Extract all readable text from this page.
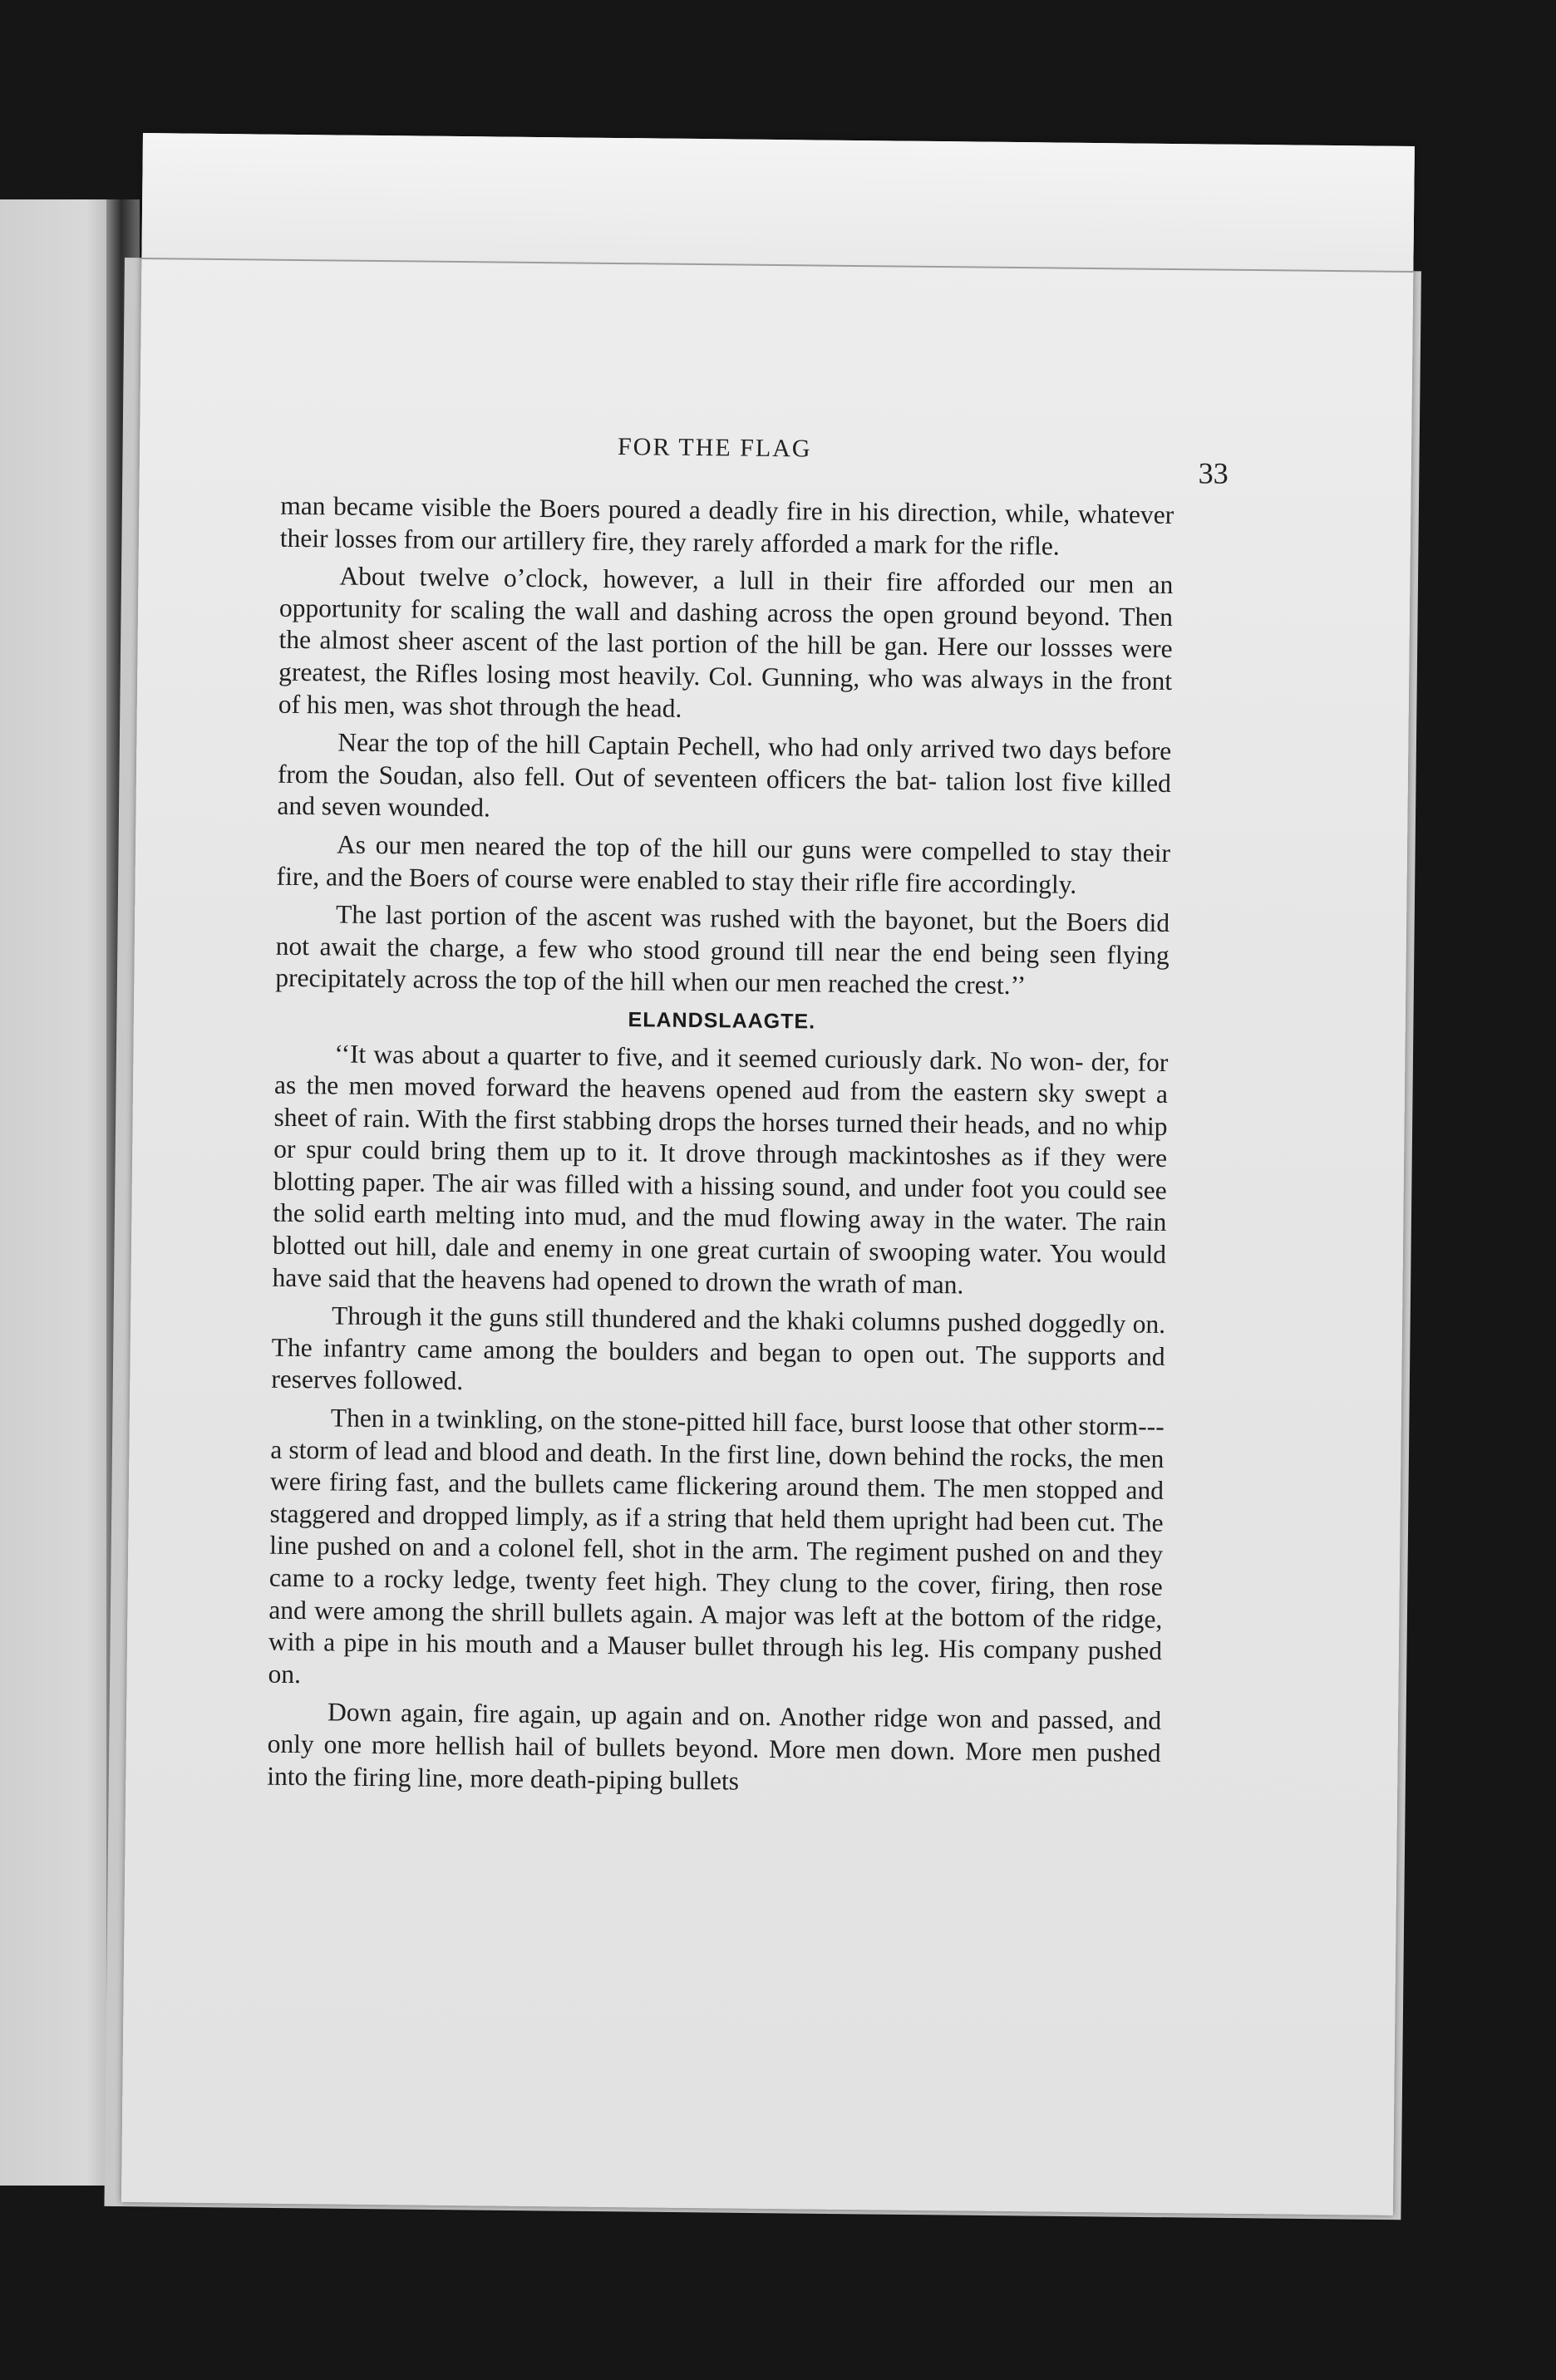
FOR THE FLAG
33

man became visible the Boers poured a deadly fire in his direction, while, whatever their losses from our artillery fire, they rarely afforded a mark for the rifle.

About twelve o’clock, however, a lull in their fire afforded our men an opportunity for scaling the wall and dashing across the open ground beyond. Then the almost sheer ascent of the last portion of the hill be gan. Here our lossses were greatest, the Rifles losing most heavily. Col. Gunning, who was always in the front of his men, was shot through the head.

Near the top of the hill Captain Pechell, who had only arrived two days before from the Soudan, also fell. Out of seventeen officers the bat- talion lost five killed and seven wounded.

As our men neared the top of the hill our guns were compelled to stay their fire, and the Boers of course were enabled to stay their rifle fire accordingly.

The last portion of the ascent was rushed with the bayonet, but the Boers did not await the charge, a few who stood ground till near the end being seen flying precipitately across the top of the hill when our men reached the crest.’’

ELANDSLAAGTE.

‘‘It was about a quarter to five, and it seemed curiously dark. No won- der, for as the men moved forward the heavens opened aud from the eastern sky swept a sheet of rain. With the first stabbing drops the horses turned their heads, and no whip or spur could bring them up to it. It drove through mackintoshes as if they were blotting paper. The air was filled with a hissing sound, and under foot you could see the solid earth melting into mud, and the mud flowing away in the water. The rain blotted out hill, dale and enemy in one great curtain of swooping water. You would have said that the heavens had opened to drown the wrath of man.

Through it the guns still thundered and the khaki columns pushed doggedly on. The infantry came among the boulders and began to open out. The supports and reserves followed.

Then in a twinkling, on the stone-pitted hill face, burst loose that other storm---a storm of lead and blood and death. In the first line, down behind the rocks, the men were firing fast, and the bullets came flickering around them. The men stopped and staggered and dropped limply, as if a string that held them upright had been cut. The line pushed on and a colonel fell, shot in the arm. The regiment pushed on and they came to a rocky ledge, twenty feet high. They clung to the cover, firing, then rose and were among the shrill bullets again. A major was left at the bottom of the ridge, with a pipe in his mouth and a Mauser bullet through his leg. His company pushed on.

Down again, fire again, up again and on. Another ridge won and passed, and only one more hellish hail of bullets beyond. More men down. More men pushed into the firing line, more death-piping bullets
